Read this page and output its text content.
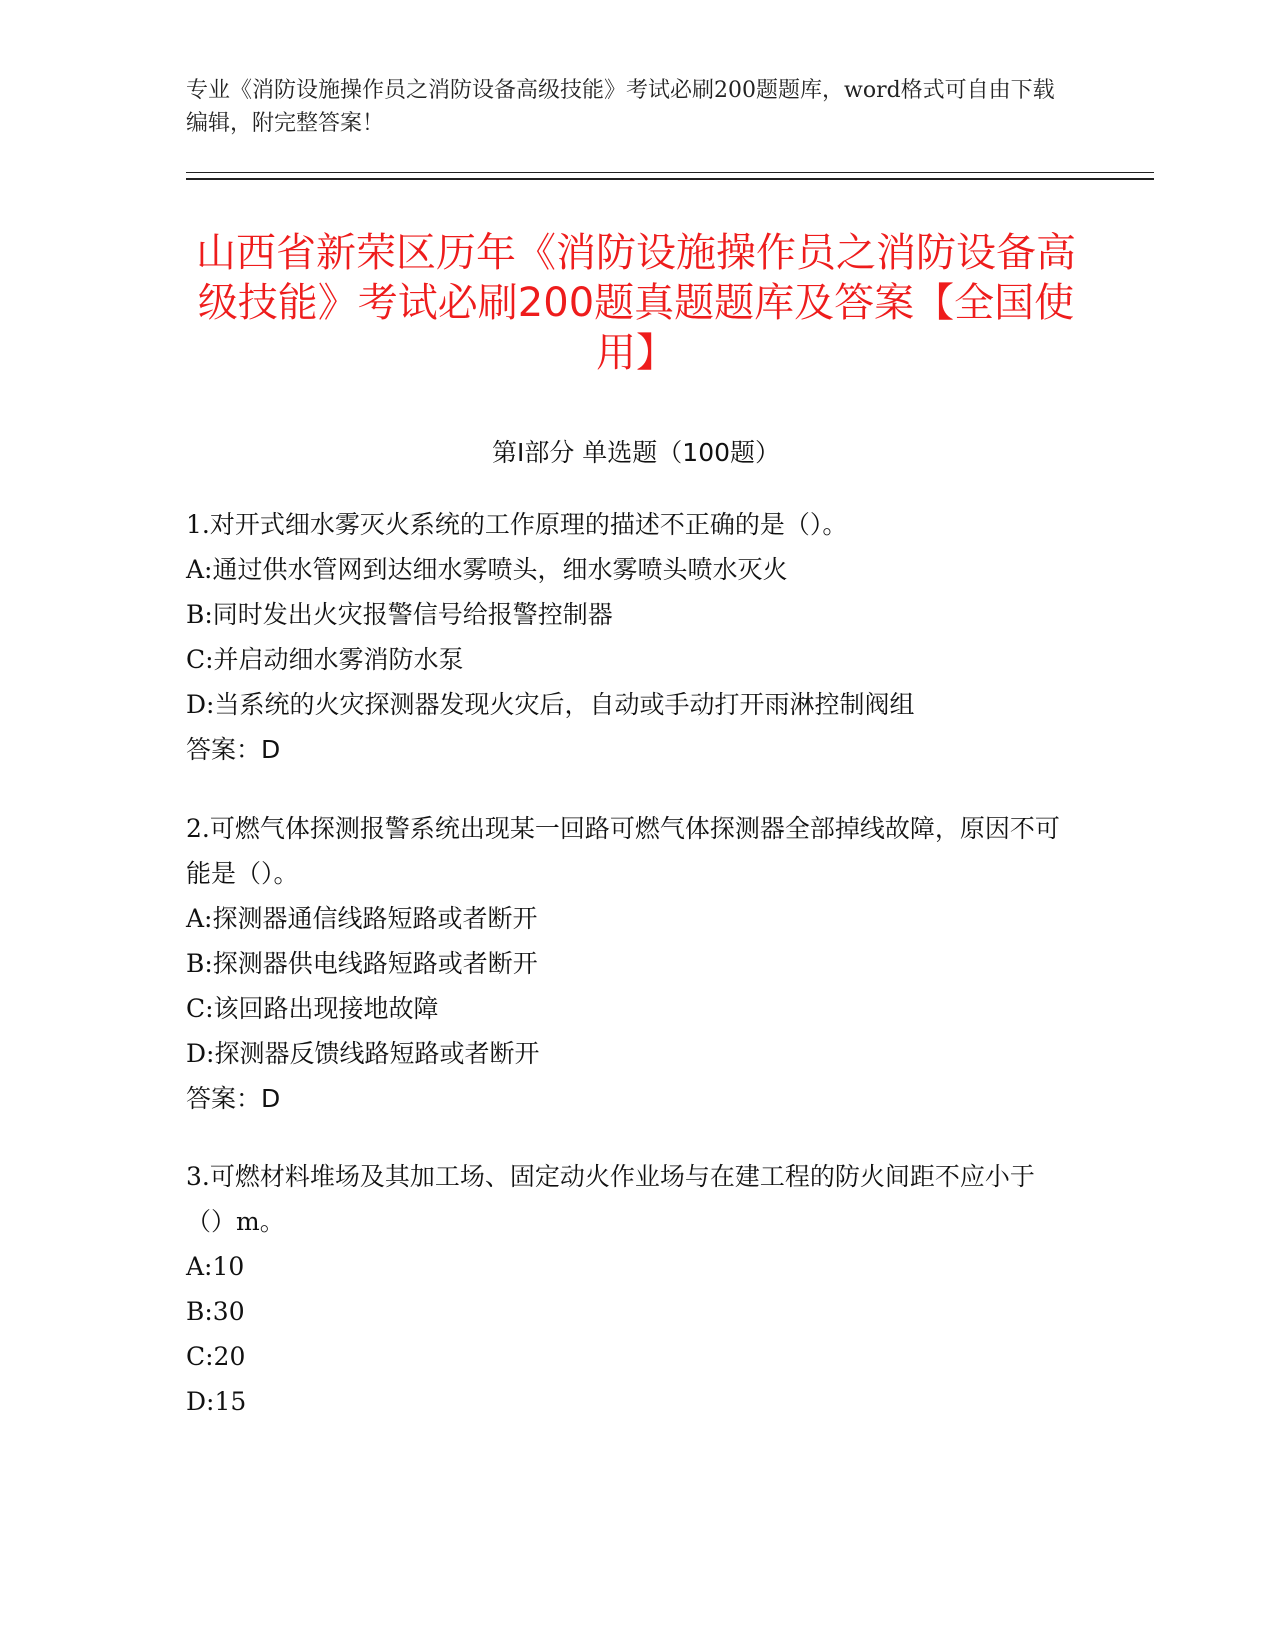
专业《消防设施操作员之消防设备高级技能》考试必刷200题题库，word格式可自由下载编辑，附完整答案！
山西省新荣区历年《消防设施操作员之消防设备高级技能》考试必刷200题真题题库及答案【全国使用】
第Ⅰ部分 单选题（100题）

1.对开式细水雾灭火系统的工作原理的描述不正确的是（）。

A:通过供水管网到达细水雾喷头，细水雾喷头喷水灭火

B:同时发出火灾报警信号给报警控制器

C:并启动细水雾消防水泵

D:当系统的火灾探测器发现火灾后，自动或手动打开雨淋控制阀组

答案：D

2.可燃气体探测报警系统出现某一回路可燃气体探测器全部掉线故障，原因不可能是（）。

A:探测器通信线路短路或者断开

B:探测器供电线路短路或者断开

C:该回路出现接地故障

D:探测器反馈线路短路或者断开

答案：D

3.可燃材料堆场及其加工场、固定动火作业场与在建工程的防火间距不应小于（）m。

A:10

B:30

C:20

D:15
